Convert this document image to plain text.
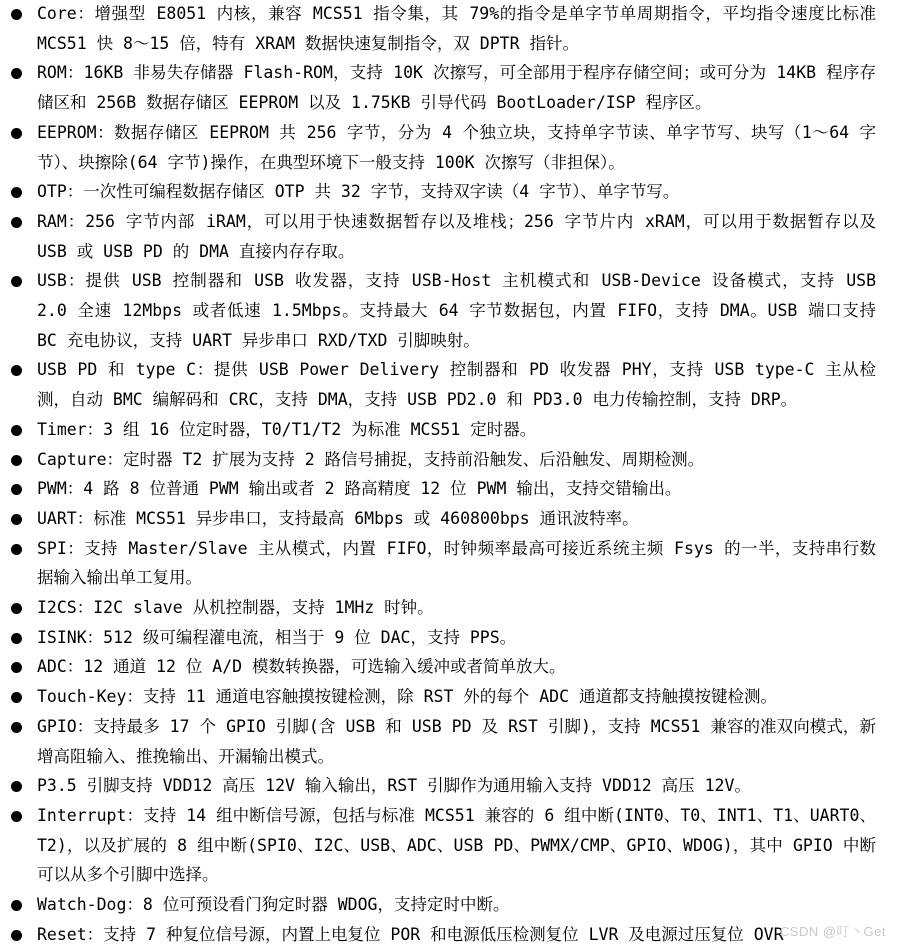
Core：增强型 E8051 内核，兼容 MCS51 指令集，其 79%的指令是单字节单周期指令，平均指令速度比标准 MCS51 快 8～15 倍，特有 XRAM 数据快速复制指令，双 DPTR 指针。
ROM：16KB 非易失存储器 Flash-ROM，支持 10K 次擦写，可全部用于程序存储空间；或可分为 14KB 程序存储区和 256B 数据存储区 EEPROM 以及 1.75KB 引导代码 BootLoader/ISP 程序区。
EEPROM：数据存储区 EEPROM 共 256 字节，分为 4 个独立块，支持单字节读、单字节写、块写（1～64 字节）、块擦除(64 字节)操作，在典型环境下一般支持 100K 次擦写（非担保）。
OTP：一次性可编程数据存储区 OTP 共 32 字节，支持双字读（4 字节）、单字节写。
RAM：256 字节内部 iRAM，可以用于快速数据暂存以及堆栈；256 字节片内 xRAM，可以用于数据暂存以及 USB 或 USB PD 的 DMA 直接内存存取。
USB：提供 USB 控制器和 USB 收发器，支持 USB-Host 主机模式和 USB-Device 设备模式，支持 USB 2.0 全速 12Mbps 或者低速 1.5Mbps。支持最大 64 字节数据包，内置 FIFO，支持 DMA。USB 端口支持 BC 充电协议，支持 UART 异步串口 RXD/TXD 引脚映射。
USB PD 和 type C：提供 USB Power Delivery 控制器和 PD 收发器 PHY，支持 USB type-C 主从检测，自动 BMC 编解码和 CRC，支持 DMA，支持 USB PD2.0 和 PD3.0 电力传输控制，支持 DRP。
Timer：3 组 16 位定时器，T0/T1/T2 为标准 MCS51 定时器。
Capture：定时器 T2 扩展为支持 2 路信号捕捉，支持前沿触发、后沿触发、周期检测。
PWM：4 路 8 位普通 PWM 输出或者 2 路高精度 12 位 PWM 输出，支持交错输出。
UART：标准 MCS51 异步串口，支持最高 6Mbps 或 460800bps 通讯波特率。
SPI：支持 Master/Slave 主从模式，内置 FIFO，时钟频率最高可接近系统主频 Fsys 的一半，支持串行数据输入输出单工复用。
I2CS：I2C slave 从机控制器，支持 1MHz 时钟。
ISINK：512 级可编程灌电流，相当于 9 位 DAC，支持 PPS。
ADC：12 通道 12 位 A/D 模数转换器，可选输入缓冲或者简单放大。
Touch-Key：支持 11 通道电容触摸按键检测，除 RST 外的每个 ADC 通道都支持触摸按键检测。
GPIO：支持最多 17 个 GPIO 引脚(含 USB 和 USB PD 及 RST 引脚)，支持 MCS51 兼容的准双向模式，新增高阻输入、推挽输出、开漏输出模式。
P3.5 引脚支持 VDD12 高压 12V 输入输出，RST 引脚作为通用输入支持 VDD12 高压 12V。
Interrupt：支持 14 组中断信号源，包括与标准 MCS51 兼容的 6 组中断(INT0、T0、INT1、T1、UART0、T2)，以及扩展的 8 组中断(SPI0、I2C、USB、ADC、USB PD、PWMX/CMP、GPIO、WDOG)，其中 GPIO 中断可以从多个引脚中选择。
Watch-Dog：8 位可预设看门狗定时器 WDOG，支持定时中断。
Reset：支持 7 种复位信号源，内置上电复位 POR 和电源低压检测复位 LVR 及电源过压复位 OVR
CSDN @叮丶Get
